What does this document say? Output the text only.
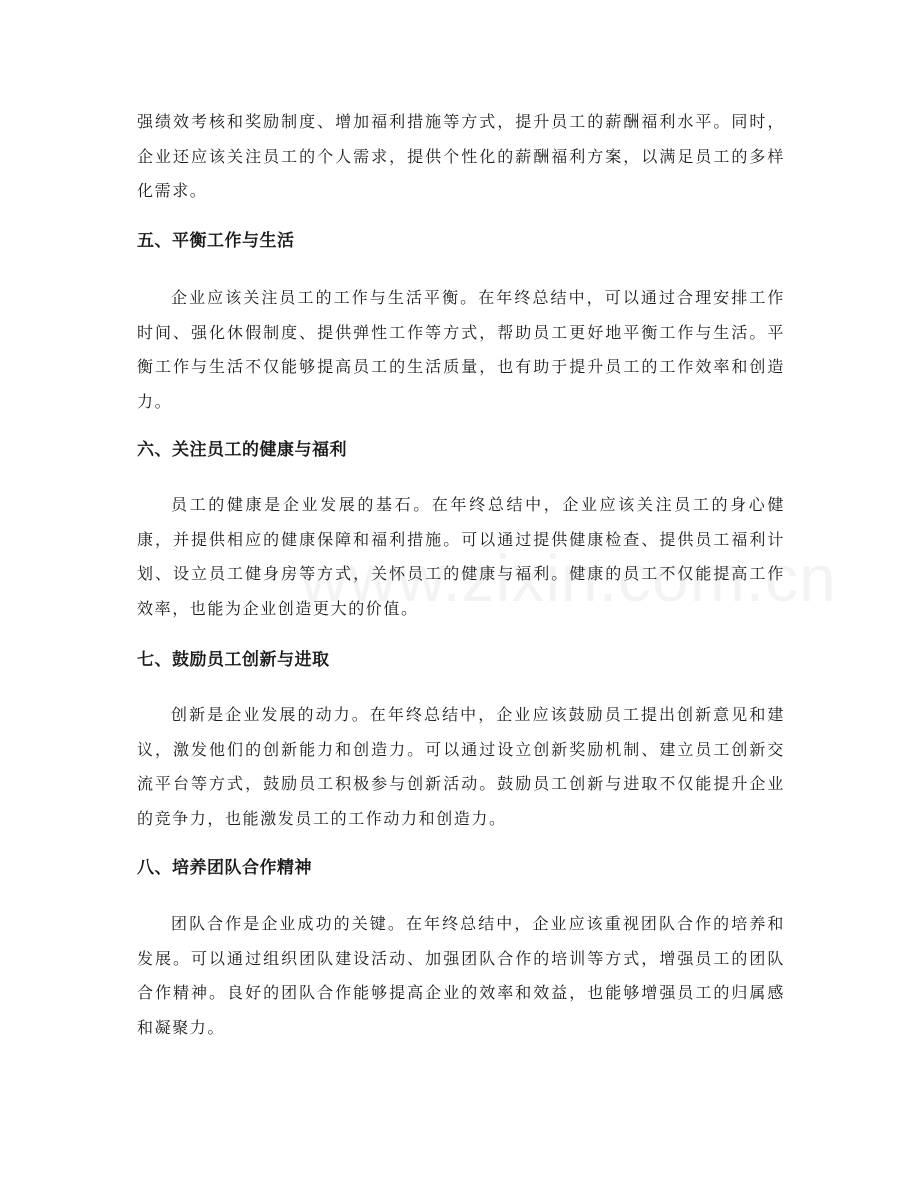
强绩效考核和奖励制度、增加福利措施等方式，提升员工的薪酬福利水平。同时，企业还应该关注员工的个人需求，提供个性化的薪酬福利方案，以满足员工的多样化需求。

五、平衡工作与生活

企业应该关注员工的工作与生活平衡。在年终总结中，可以通过合理安排工作时间、强化休假制度、提供弹性工作等方式，帮助员工更好地平衡工作与生活。平衡工作与生活不仅能够提高员工的生活质量，也有助于提升员工的工作效率和创造力。

六、关注员工的健康与福利

员工的健康是企业发展的基石。在年终总结中，企业应该关注员工的身心健康，并提供相应的健康保障和福利措施。可以通过提供健康检查、提供员工福利计划、设立员工健身房等方式，关怀员工的健康与福利。健康的员工不仅能提高工作效率，也能为企业创造更大的价值。

七、鼓励员工创新与进取

创新是企业发展的动力。在年终总结中，企业应该鼓励员工提出创新意见和建议，激发他们的创新能力和创造力。可以通过设立创新奖励机制、建立员工创新交流平台等方式，鼓励员工积极参与创新活动。鼓励员工创新与进取不仅能提升企业的竞争力，也能激发员工的工作动力和创造力。

八、培养团队合作精神

团队合作是企业成功的关键。在年终总结中，企业应该重视团队合作的培养和发展。可以通过组织团队建设活动、加强团队合作的培训等方式，增强员工的团队合作精神。良好的团队合作能够提高企业的效率和效益，也能够增强员工的归属感和凝聚力。
